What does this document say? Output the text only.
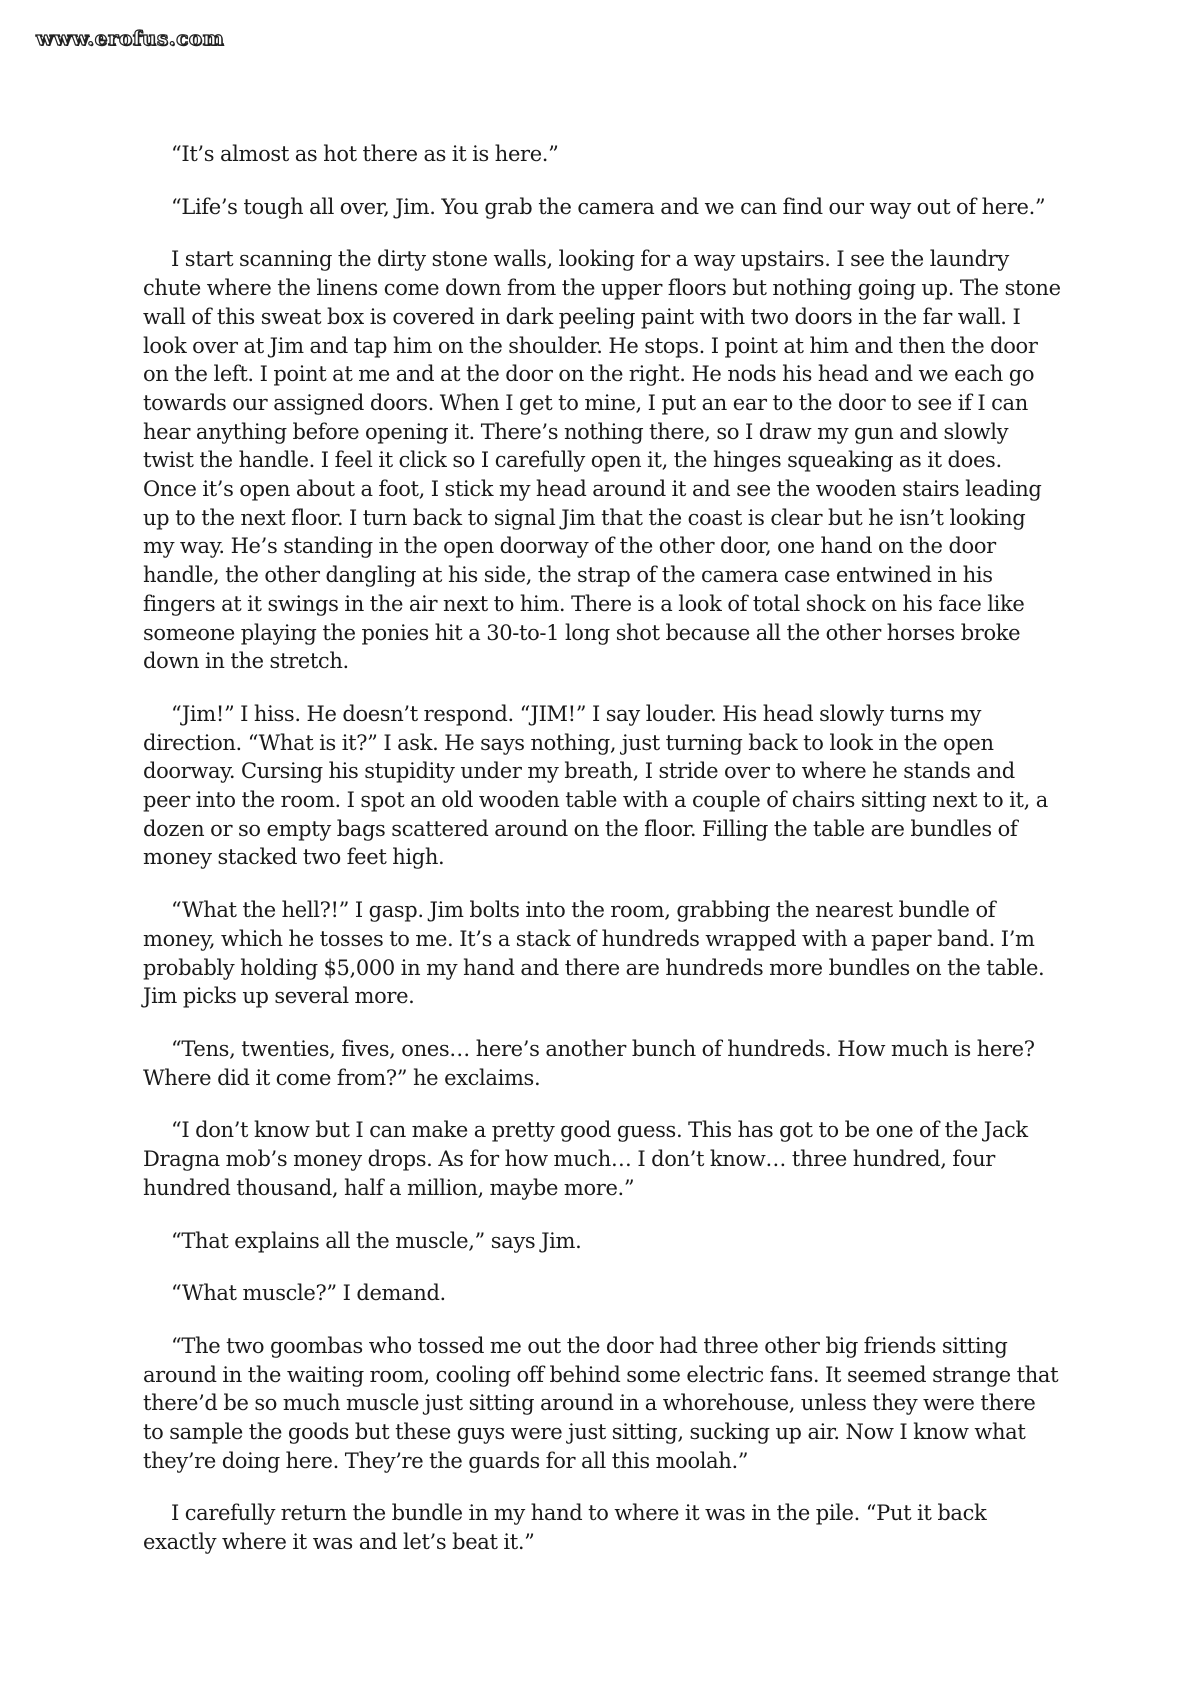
www.erofus.com

“It’s almost as hot there as it is here.”

“Life’s tough all over, Jim. You grab the camera and we can find our way out of here.”

I start scanning the dirty stone walls, looking for a way upstairs. I see the laundry chute where the linens come down from the upper floors but nothing going up. The stone wall of this sweat box is covered in dark peeling paint with two doors in the far wall. I look over at Jim and tap him on the shoulder. He stops. I point at him and then the door on the left. I point at me and at the door on the right. He nods his head and we each go towards our assigned doors. When I get to mine, I put an ear to the door to see if I can hear anything before opening it. There’s nothing there, so I draw my gun and slowly twist the handle. I feel it click so I carefully open it, the hinges squeaking as it does. Once it’s open about a foot, I stick my head around it and see the wooden stairs leading up to the next floor. I turn back to signal Jim that the coast is clear but he isn’t looking my way. He’s standing in the open doorway of the other door, one hand on the door handle, the other dangling at his side, the strap of the camera case entwined in his fingers at it swings in the air next to him. There is a look of total shock on his face like someone playing the ponies hit a 30-to-1 long shot because all the other horses broke down in the stretch.

“Jim!” I hiss. He doesn’t respond. “JIM!” I say louder. His head slowly turns my direction. “What is it?” I ask. He says nothing, just turning back to look in the open doorway. Cursing his stupidity under my breath, I stride over to where he stands and peer into the room. I spot an old wooden table with a couple of chairs sitting next to it, a dozen or so empty bags scattered around on the floor. Filling the table are bundles of money stacked two feet high.

“What the hell?!” I gasp. Jim bolts into the room, grabbing the nearest bundle of money, which he tosses to me. It’s a stack of hundreds wrapped with a paper band. I’m probably holding $5,000 in my hand and there are hundreds more bundles on the table. Jim picks up several more.

“Tens, twenties, fives, ones… here’s another bunch of hundreds. How much is here? Where did it come from?” he exclaims.

“I don’t know but I can make a pretty good guess. This has got to be one of the Jack Dragna mob’s money drops. As for how much… I don’t know… three hundred, four hundred thousand, half a million, maybe more.”

“That explains all the muscle,” says Jim.

“What muscle?” I demand.

“The two goombas who tossed me out the door had three other big friends sitting around in the waiting room, cooling off behind some electric fans. It seemed strange that there’d be so much muscle just sitting around in a whorehouse, unless they were there to sample the goods but these guys were just sitting, sucking up air. Now I know what they’re doing here. They’re the guards for all this moolah.”

I carefully return the bundle in my hand to where it was in the pile. “Put it back exactly where it was and let’s beat it.”
